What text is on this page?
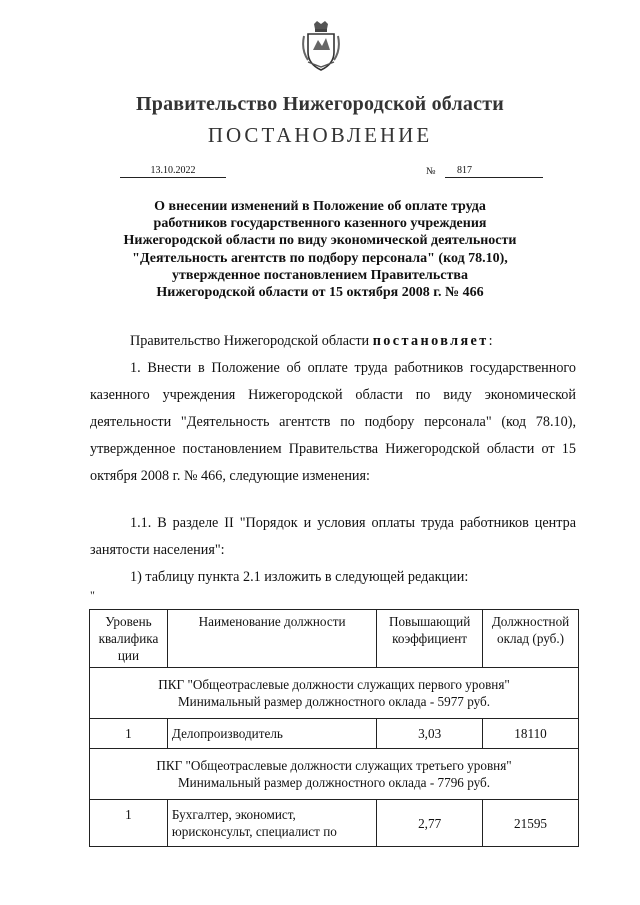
Правительство Нижегородской области
ПОСТАНОВЛЕНИЕ
13.10.2022	№	817
О внесении изменений в Положение об оплате труда
работников государственного казенного учреждения
Нижегородской области по виду экономической деятельности
"Деятельность агентств по подбору персонала" (код 78.10),
утвержденное постановлением Правительства
Нижегородской области от 15 октября 2008 г. № 466
Правительство Нижегородской области постановляет:
1. Внести в Положение об оплате труда работников государственного казенного учреждения Нижегородской области по виду экономической деятельности "Деятельность агентств по подбору персонала" (код 78.10), утвержденное постановлением Правительства Нижегородской области от 15 октября 2008 г. № 466, следующие изменения:
1.1. В разделе II "Порядок и условия оплаты труда работников центра занятости населения":
1) таблицу пункта 2.1 изложить в следующей редакции:
"
Уровень квалифика ции	Наименование должности	Повышающий коэффициент	Должностной оклад (руб.)

ПКГ "Общеотраслевые должности служащих первого уровня"
Минимальный размер должностного оклада - 5977 руб.			

1	Делопроизводитель	3,03	18110

ПКГ "Общеотраслевые должности служащих третьего уровня"
Минимальный размер должностного оклада - 7796 руб.			

1	Бухгалтер, экономист, юрисконсульт, специалист по	2,77	21595
